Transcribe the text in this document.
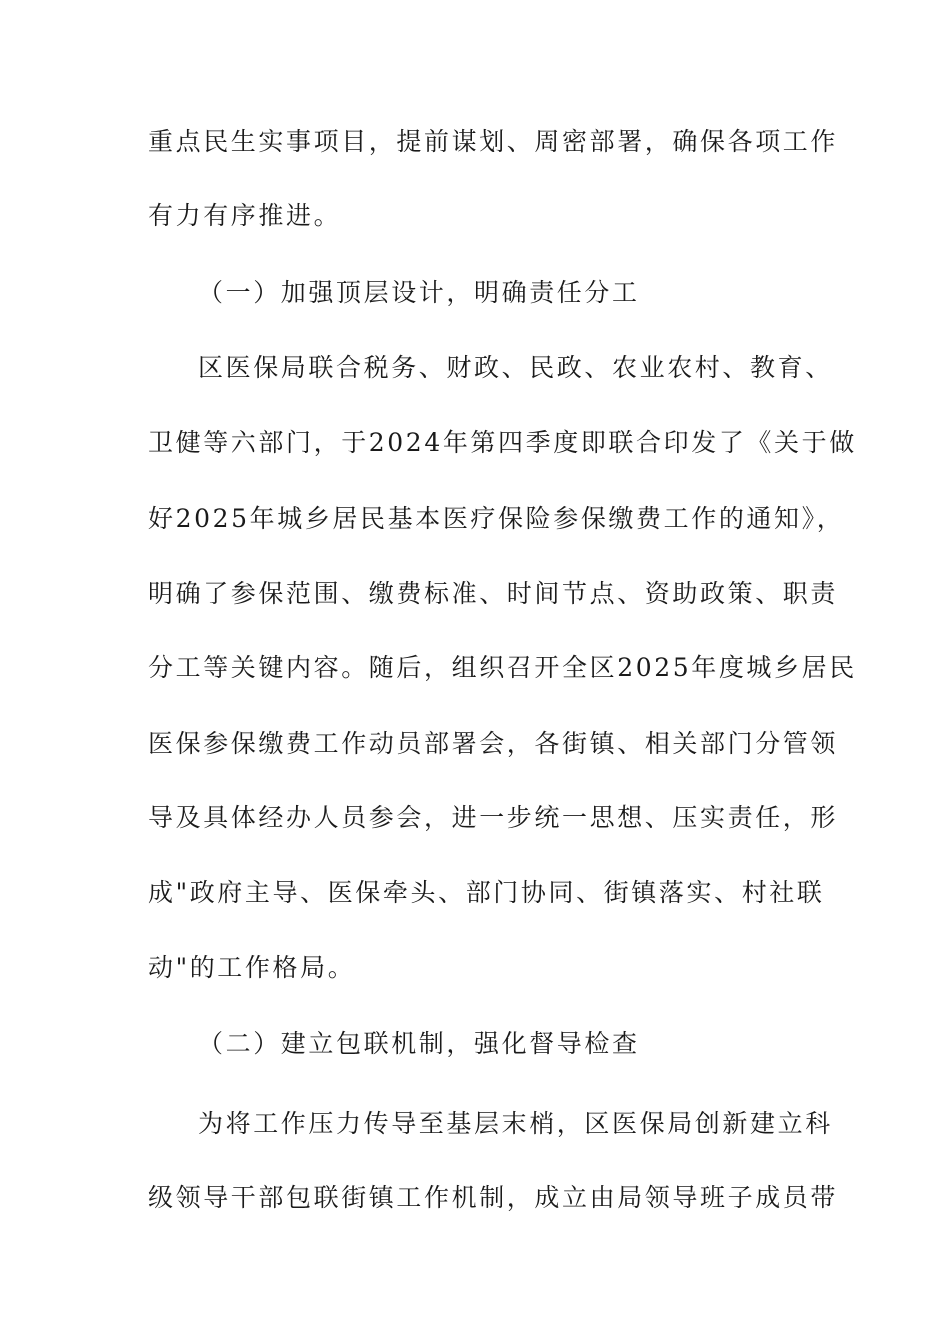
重点民生实事项目，提前谋划、周密部署，确保各项工作
有力有序推进。
（一）加强顶层设计，明确责任分工
区医保局联合税务、财政、民政、农业农村、教育、
卫健等六部门，于2024年第四季度即联合印发了《关于做
好2025年城乡居民基本医疗保险参保缴费工作的通知》，
明确了参保范围、缴费标准、时间节点、资助政策、职责
分工等关键内容。随后，组织召开全区2025年度城乡居民
医保参保缴费工作动员部署会，各街镇、相关部门分管领
导及具体经办人员参会，进一步统一思想、压实责任，形
成"政府主导、医保牵头、部门协同、街镇落实、村社联
动"的工作格局。
（二）建立包联机制，强化督导检查
为将工作压力传导至基层末梢，区医保局创新建立科
级领导干部包联街镇工作机制，成立由局领导班子成员带
